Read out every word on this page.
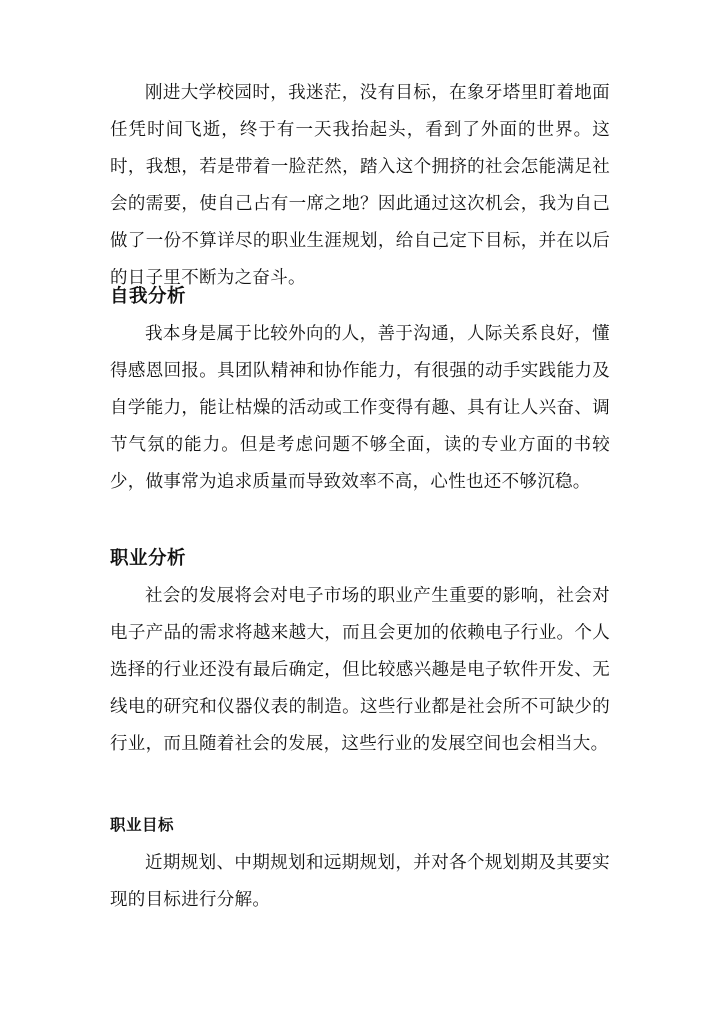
刚进大学校园时，我迷茫，没有目标，在象牙塔里盯着地面任凭时间飞逝，终于有一天我抬起头，看到了外面的世界。这时，我想，若是带着一脸茫然，踏入这个拥挤的社会怎能满足社会的需要，使自己占有一席之地？因此通过这次机会，我为自己做了一份不算详尽的职业生涯规划，给自己定下目标，并在以后的日子里不断为之奋斗。

自我分析

我本身是属于比较外向的人，善于沟通，人际关系良好，懂得感恩回报。具团队精神和协作能力，有很强的动手实践能力及自学能力，能让枯燥的活动或工作变得有趣、具有让人兴奋、调节气氛的能力。但是考虑问题不够全面，读的专业方面的书较少，做事常为追求质量而导致效率不高，心性也还不够沉稳。

职业分析

社会的发展将会对电子市场的职业产生重要的影响，社会对电子产品的需求将越来越大，而且会更加的依赖电子行业。个人选择的行业还没有最后确定，但比较感兴趣是电子软件开发、无线电的研究和仪器仪表的制造。这些行业都是社会所不可缺少的行业，而且随着社会的发展，这些行业的发展空间也会相当大。

职业目标

近期规划、中期规划和远期规划，并对各个规划期及其要实现的目标进行分解。
